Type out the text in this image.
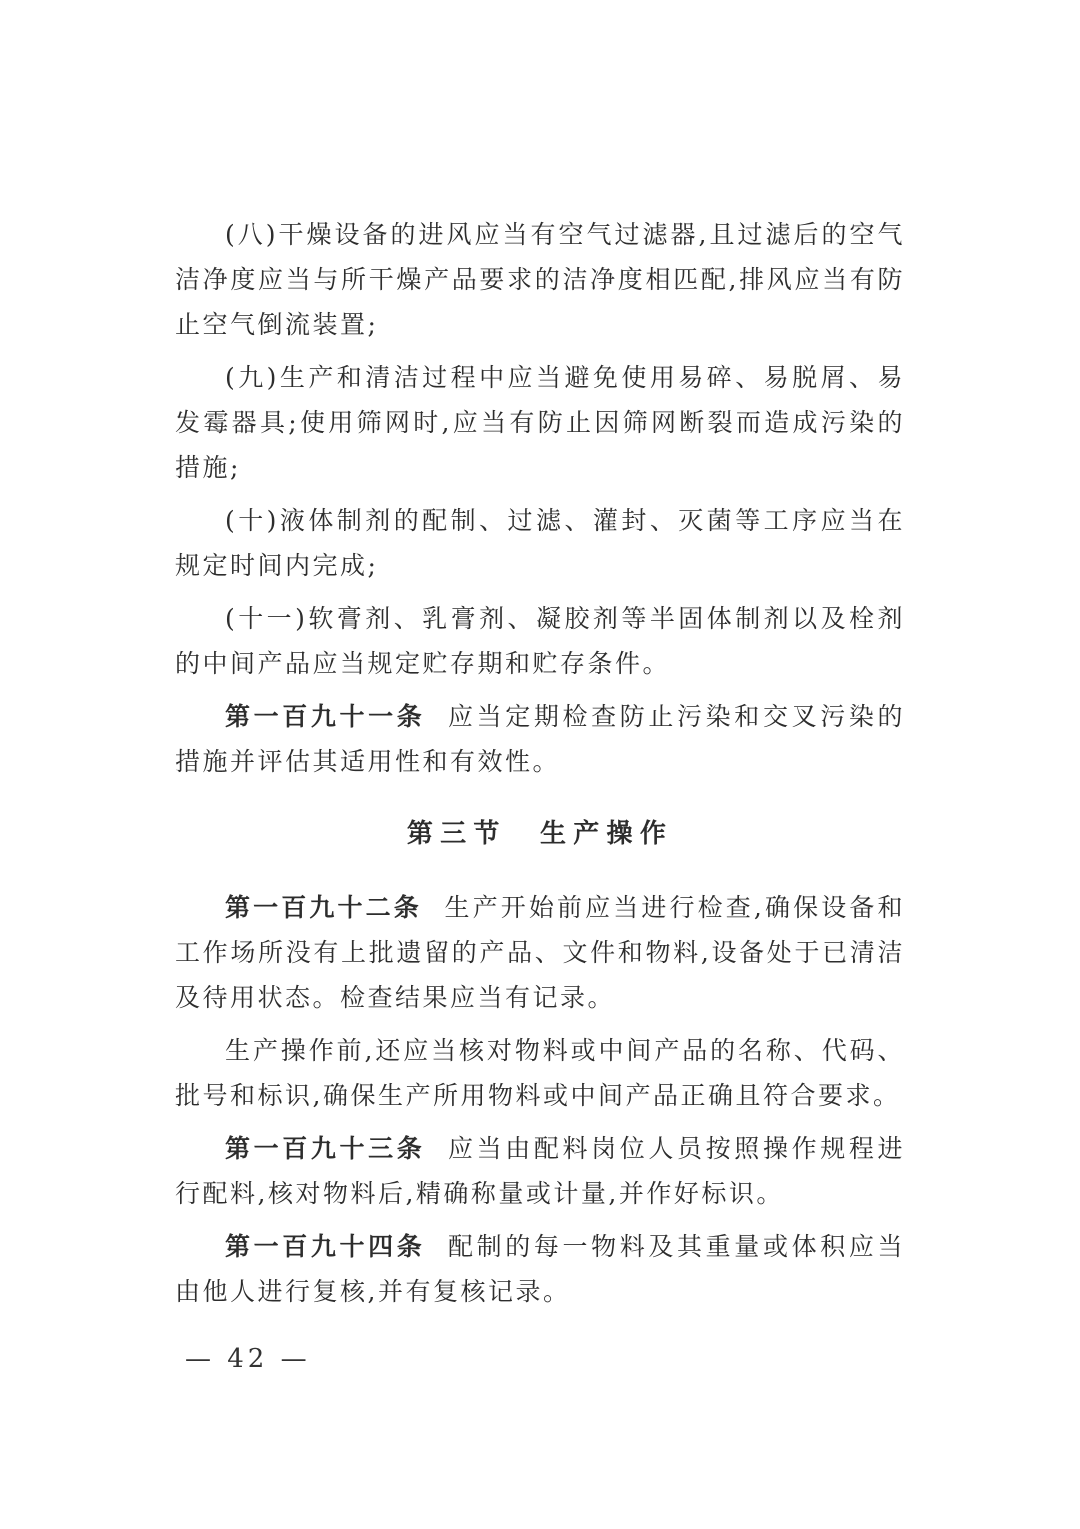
(八)干燥设备的进风应当有空气过滤器,且过滤后的空气洁净度应当与所干燥产品要求的洁净度相匹配,排风应当有防止空气倒流装置;

(九)生产和清洁过程中应当避免使用易碎、易脱屑、易发霉器具;使用筛网时,应当有防止因筛网断裂而造成污染的措施;

(十)液体制剂的配制、过滤、灌封、灭菌等工序应当在规定时间内完成;

(十一)软膏剂、乳膏剂、凝胶剂等半固体制剂以及栓剂的中间产品应当规定贮存期和贮存条件。

第一百九十一条 应当定期检查防止污染和交叉污染的措施并评估其适用性和有效性。

第三节　生产操作

第一百九十二条 生产开始前应当进行检查,确保设备和工作场所没有上批遗留的产品、文件和物料,设备处于已清洁及待用状态。检查结果应当有记录。

生产操作前,还应当核对物料或中间产品的名称、代码、批号和标识,确保生产所用物料或中间产品正确且符合要求。

第一百九十三条 应当由配料岗位人员按照操作规程进行配料,核对物料后,精确称量或计量,并作好标识。

第一百九十四条 配制的每一物料及其重量或体积应当由他人进行复核,并有复核记录。

— 42 —
